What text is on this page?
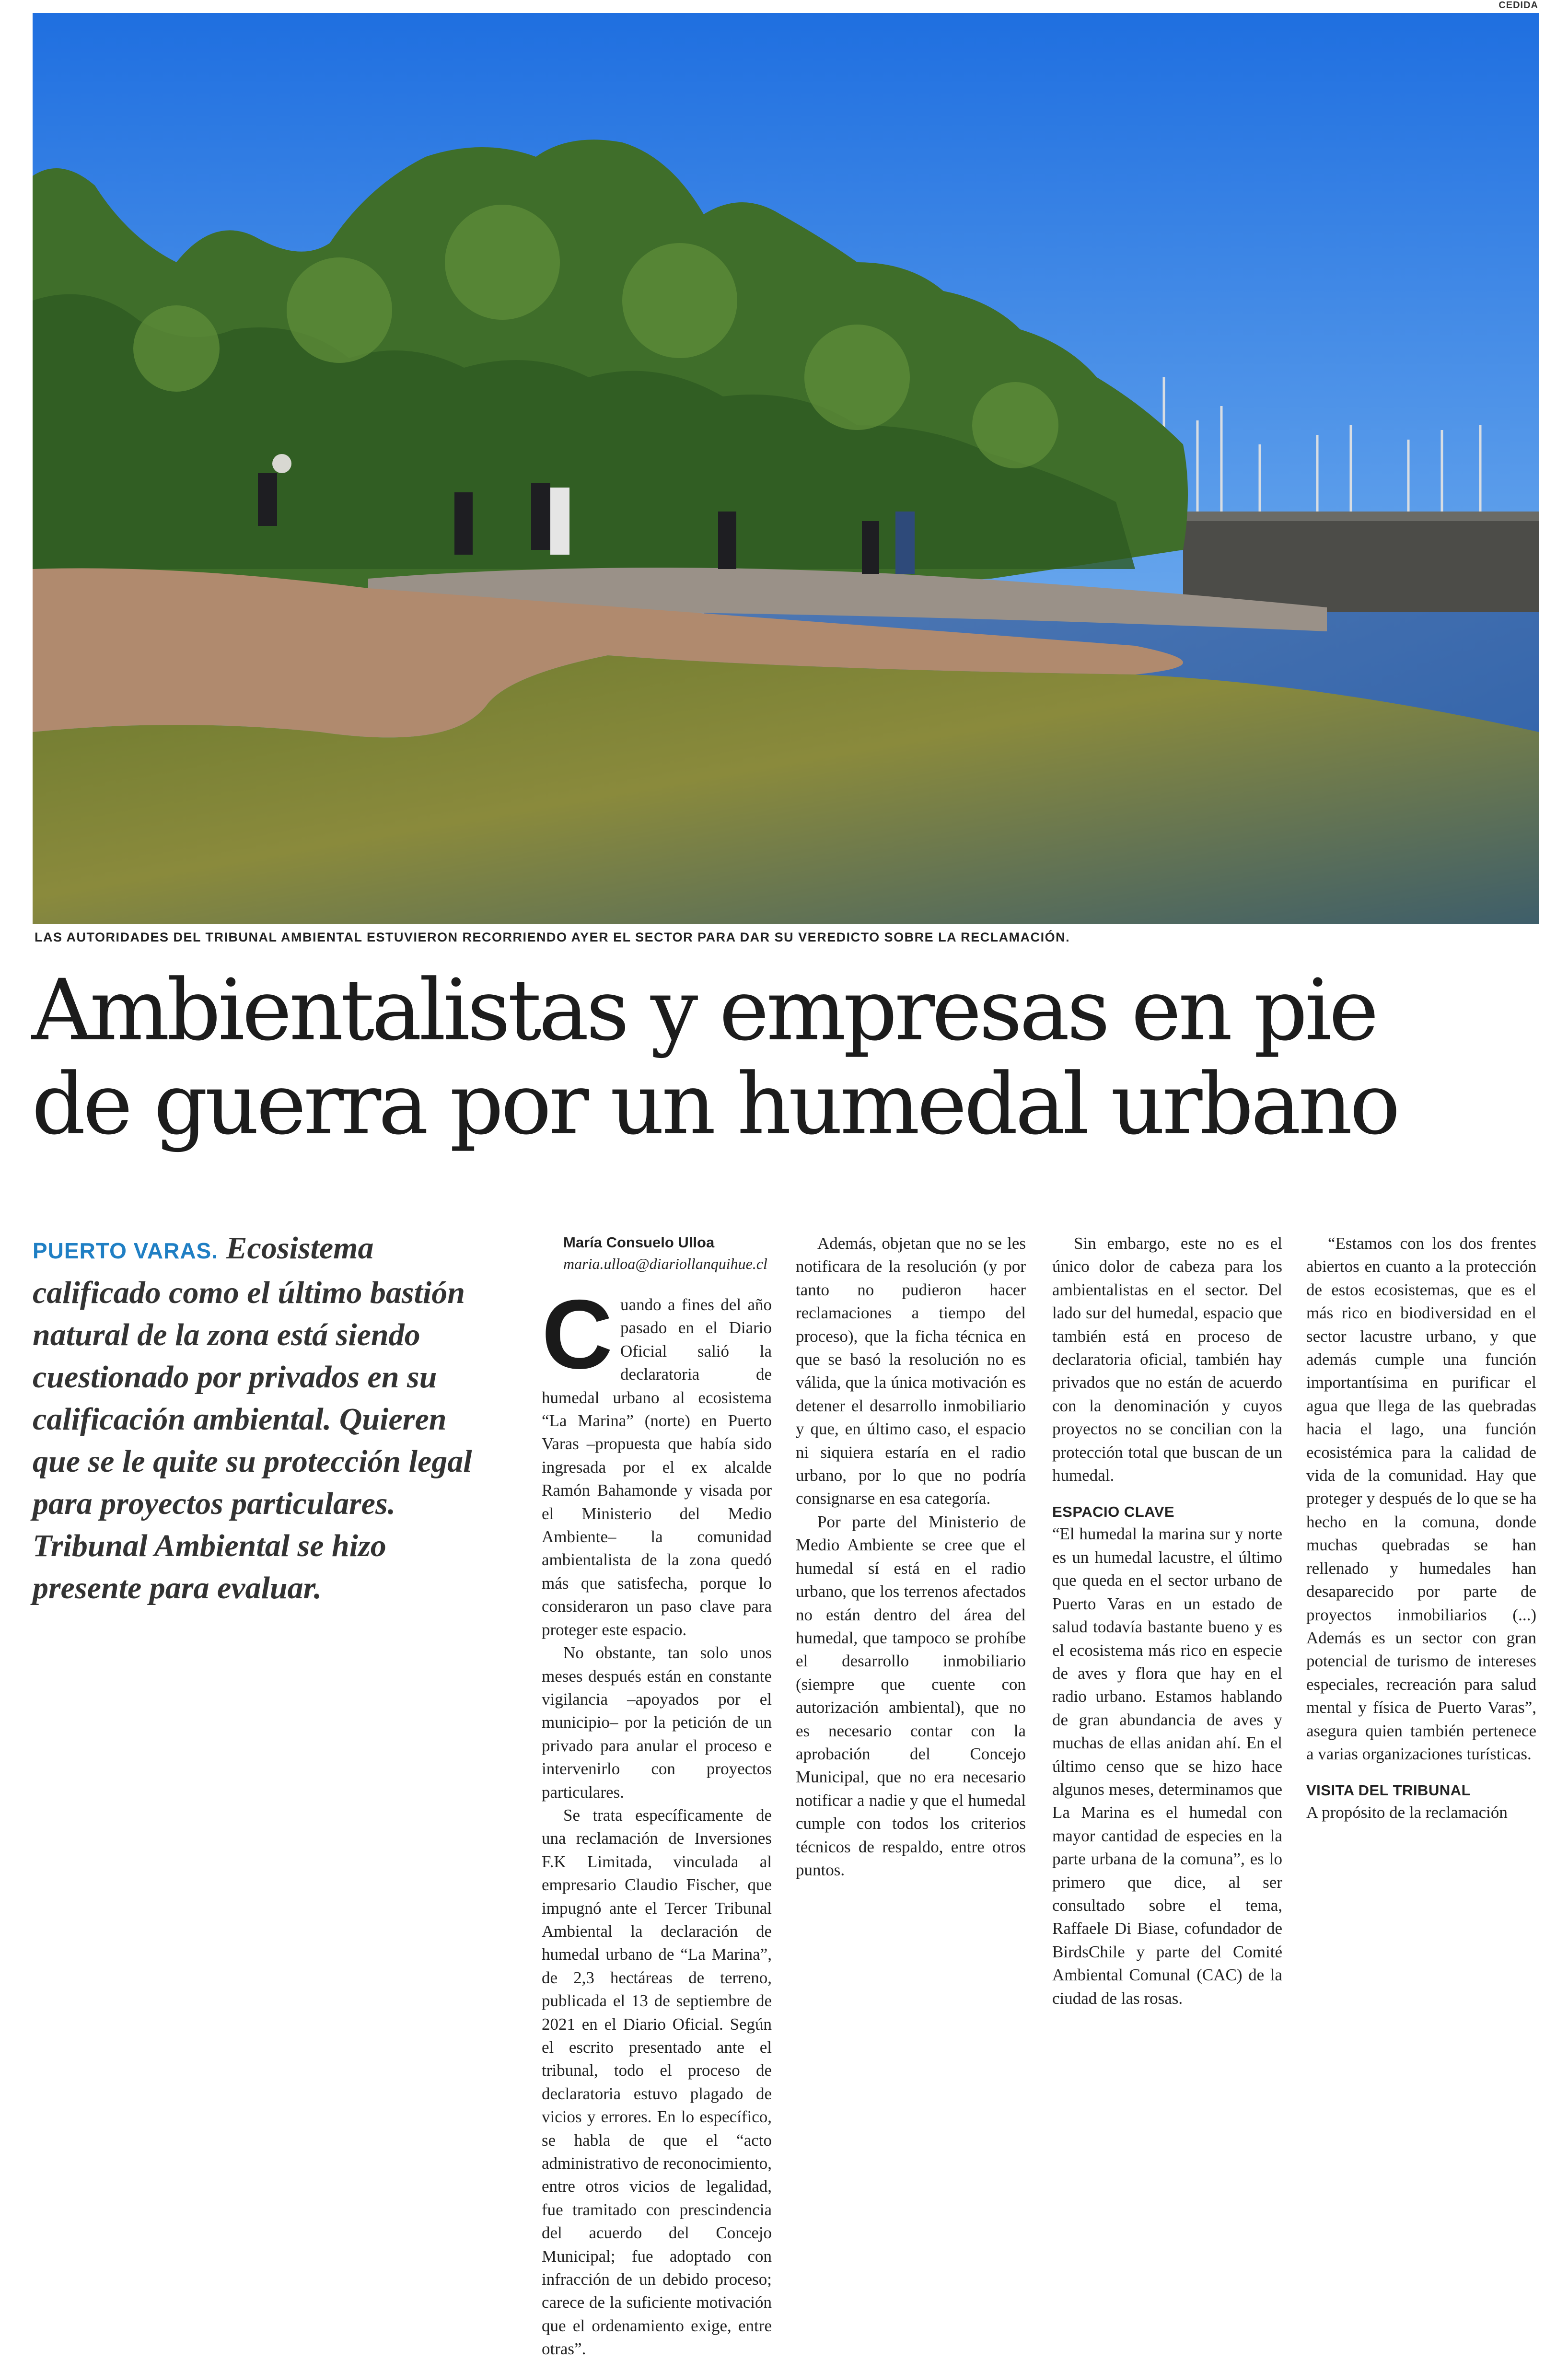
CEDIDA
LAS AUTORIDADES DEL TRIBUNAL AMBIENTAL ESTUVIERON RECORRIENDO AYER EL SECTOR PARA DAR SU VEREDICTO SOBRE LA RECLAMACIÓN.
Ambientalistas y empresas en pie
de guerra por un humedal urbano
PUERTO VARAS. Ecosistema calificado como el último bastión natural de la zona está siendo cuestionado por privados en su calificación ambiental. Quieren que se le quite su protección legal para proyectos particulares. Tribunal Ambiental se hizo presente para evaluar.

María Consuelo Ulloa

maria.ulloa@diariollanquihue.cl

Cuando a fines del año pasado en el Diario Oficial salió la declaratoria de humedal urbano al ecosistema “La Marina” (norte) en Puerto Varas –propuesta que había sido ingresada por el ex alcalde Ramón Bahamonde y visada por el Ministerio del Medio Ambiente– la comunidad ambientalista de la zona quedó más que satisfecha, porque lo consideraron un paso clave para proteger este espacio.

No obstante, tan solo unos meses después están en constante vigilancia –apoyados por el municipio– por la petición de un privado para anular el proceso e intervenirlo con proyectos particulares.

Se trata específicamente de una reclamación de Inversiones F.K Limitada, vinculada al empresario Claudio Fischer, que impugnó ante el Tercer Tribunal Ambiental la declaración de humedal urbano de “La Marina”, de 2,3 hectáreas de terreno, publicada el 13 de septiembre de 2021 en el Diario Oficial. Según el escrito presentado ante el tribunal, todo el proceso de declaratoria estuvo plagado de vicios y errores. En lo específico, se habla de que el “acto administrativo de reconocimiento, entre otros vicios de legalidad, fue tramitado con prescindencia del acuerdo del Concejo Municipal; fue adoptado con infracción de un debido proceso; carece de la suficiente motivación que el ordenamiento exige, entre otras”.

Además, objetan que no se les notificara de la resolución (y por tanto no pudieron hacer reclamaciones a tiempo del proceso), que la ficha técnica en que se basó la resolución no es válida, que la única motivación es detener el desarrollo inmobiliario y que, en último caso, el espacio ni siquiera estaría en el radio urbano, por lo que no podría consignarse en esa categoría.

Por parte del Ministerio de Medio Ambiente se cree que el humedal sí está en el radio urbano, que los terrenos afectados no están dentro del área del humedal, que tampoco se prohíbe el desarrollo inmobiliario (siempre que cuente con autorización ambiental), que no es necesario contar con la aprobación del Concejo Municipal, que no era necesario notificar a nadie y que el humedal cumple con todos los criterios técnicos de respaldo, entre otros puntos.

Sin embargo, este no es el único dolor de cabeza para los ambientalistas en el sector. Del lado sur del humedal, espacio que también está en proceso de declaratoria oficial, también hay privados que no están de acuerdo con la denominación y cuyos proyectos no se concilian con la protección total que buscan de un humedal.

ESPACIO CLAVE

“El humedal la marina sur y norte es un humedal lacustre, el último que queda en el sector urbano de Puerto Varas en un estado de salud todavía bastante bueno y es el ecosistema más rico en especie de aves y flora que hay en el radio urbano. Estamos hablando de gran abundancia de aves y muchas de ellas anidan ahí. En el último censo que se hizo hace algunos meses, determinamos que La Marina es el humedal con mayor cantidad de especies en la parte urbana de la comuna”, es lo primero que dice, al ser consultado sobre el tema, Raffaele Di Biase, cofundador de BirdsChile y parte del Comité Ambiental Comunal (CAC) de la ciudad de las rosas.

“Estamos con los dos frentes abiertos en cuanto a la protección de estos ecosistemas, que es el más rico en biodiversidad en el sector lacustre urbano, y que además cumple una función importantísima en purificar el agua que llega de las quebradas hacia el lago, una función ecosistémica para la calidad de vida de la comunidad. Hay que proteger y después de lo que se ha hecho en la comuna, donde muchas quebradas se han rellenado y humedales han desaparecido por parte de proyectos inmobiliarios (...) Además es un sector con gran potencial de turismo de intereses especiales, recreación para salud mental y física de Puerto Varas”, asegura quien también pertenece a varias organizaciones turísticas.

VISITA DEL TRIBUNAL

A propósito de la reclamación
